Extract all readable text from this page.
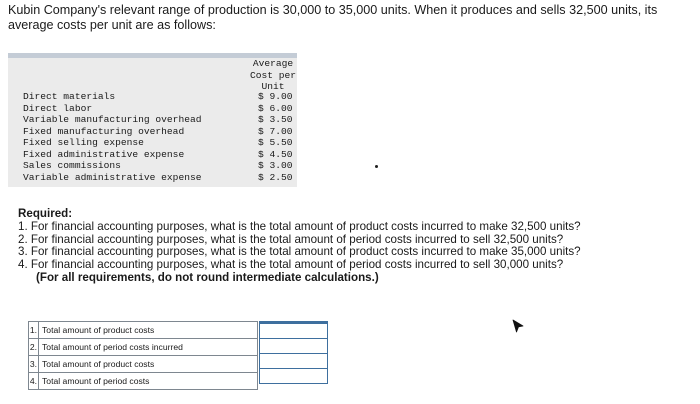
Kubin Company's relevant range of production is 30,000 to 35,000 units. When it produces and sells 32,500 units, its average costs per unit are as follows:

Average
Cost per
Unit

Direct materials	$ 9.00
Direct labor	$ 6.00
Variable manufacturing overhead	$ 3.50
Fixed manufacturing overhead	$ 7.00
Fixed selling expense	$ 5.50
Fixed administrative expense	$ 4.50
Sales commissions	$ 3.00
Variable administrative expense	$ 2.50

Required:

1. For financial accounting purposes, what is the total amount of product costs incurred to make 32,500 units?
2. For financial accounting purposes, what is the total amount of period costs incurred to sell 32,500 units?
3. For financial accounting purposes, what is the total amount of product costs incurred to make 35,000 units?
4. For financial accounting purposes, what is the total amount of period costs incurred to sell 30,000 units?

(For all requirements, do not round intermediate calculations.)

1.	Total amount of product costs
2.	Total amount of period costs incurred
3.	Total amount of product costs
4.	Total amount of period costs
